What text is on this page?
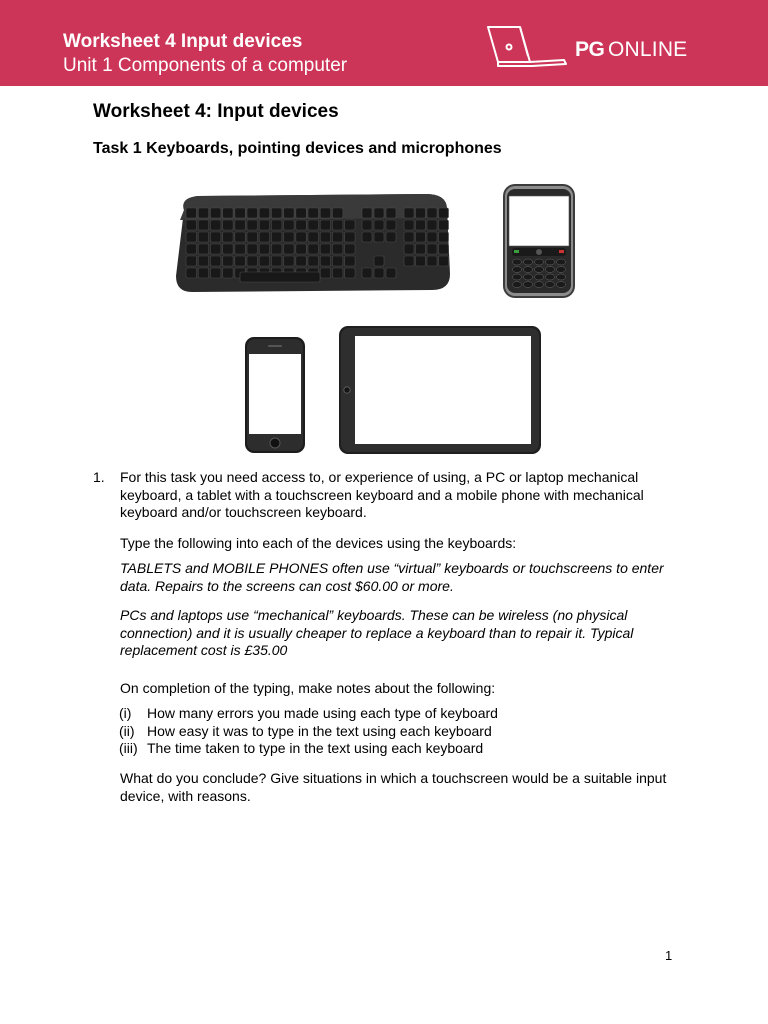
Worksheet 4 Input devices
Unit 1 Components of a computer
PG ONLINE
Worksheet 4: Input devices
Task 1 Keyboards, pointing devices and microphones
1. For this task you need access to, or experience of using, a PC or laptop mechanical
keyboard, a tablet with a touchscreen keyboard and a mobile phone with mechanical
keyboard and/or touchscreen keyboard.
Type the following into each of the devices using the keyboards:
TABLETS and MOBILE PHONES often use “virtual” keyboards or touchscreens to enter
data. Repairs to the screens can cost $60.00 or more.
PCs and laptops use “mechanical” keyboards. These can be wireless (no physical
connection) and it is usually cheaper to replace a keyboard than to repair it. Typical
replacement cost is £35.00
On completion of the typing, make notes about the following:
(i) How many errors you made using each type of keyboard
(ii) How easy it was to type in the text using each keyboard
(iii) The time taken to type in the text using each keyboard
What do you conclude? Give situations in which a touchscreen would be a suitable input
device, with reasons.
1
